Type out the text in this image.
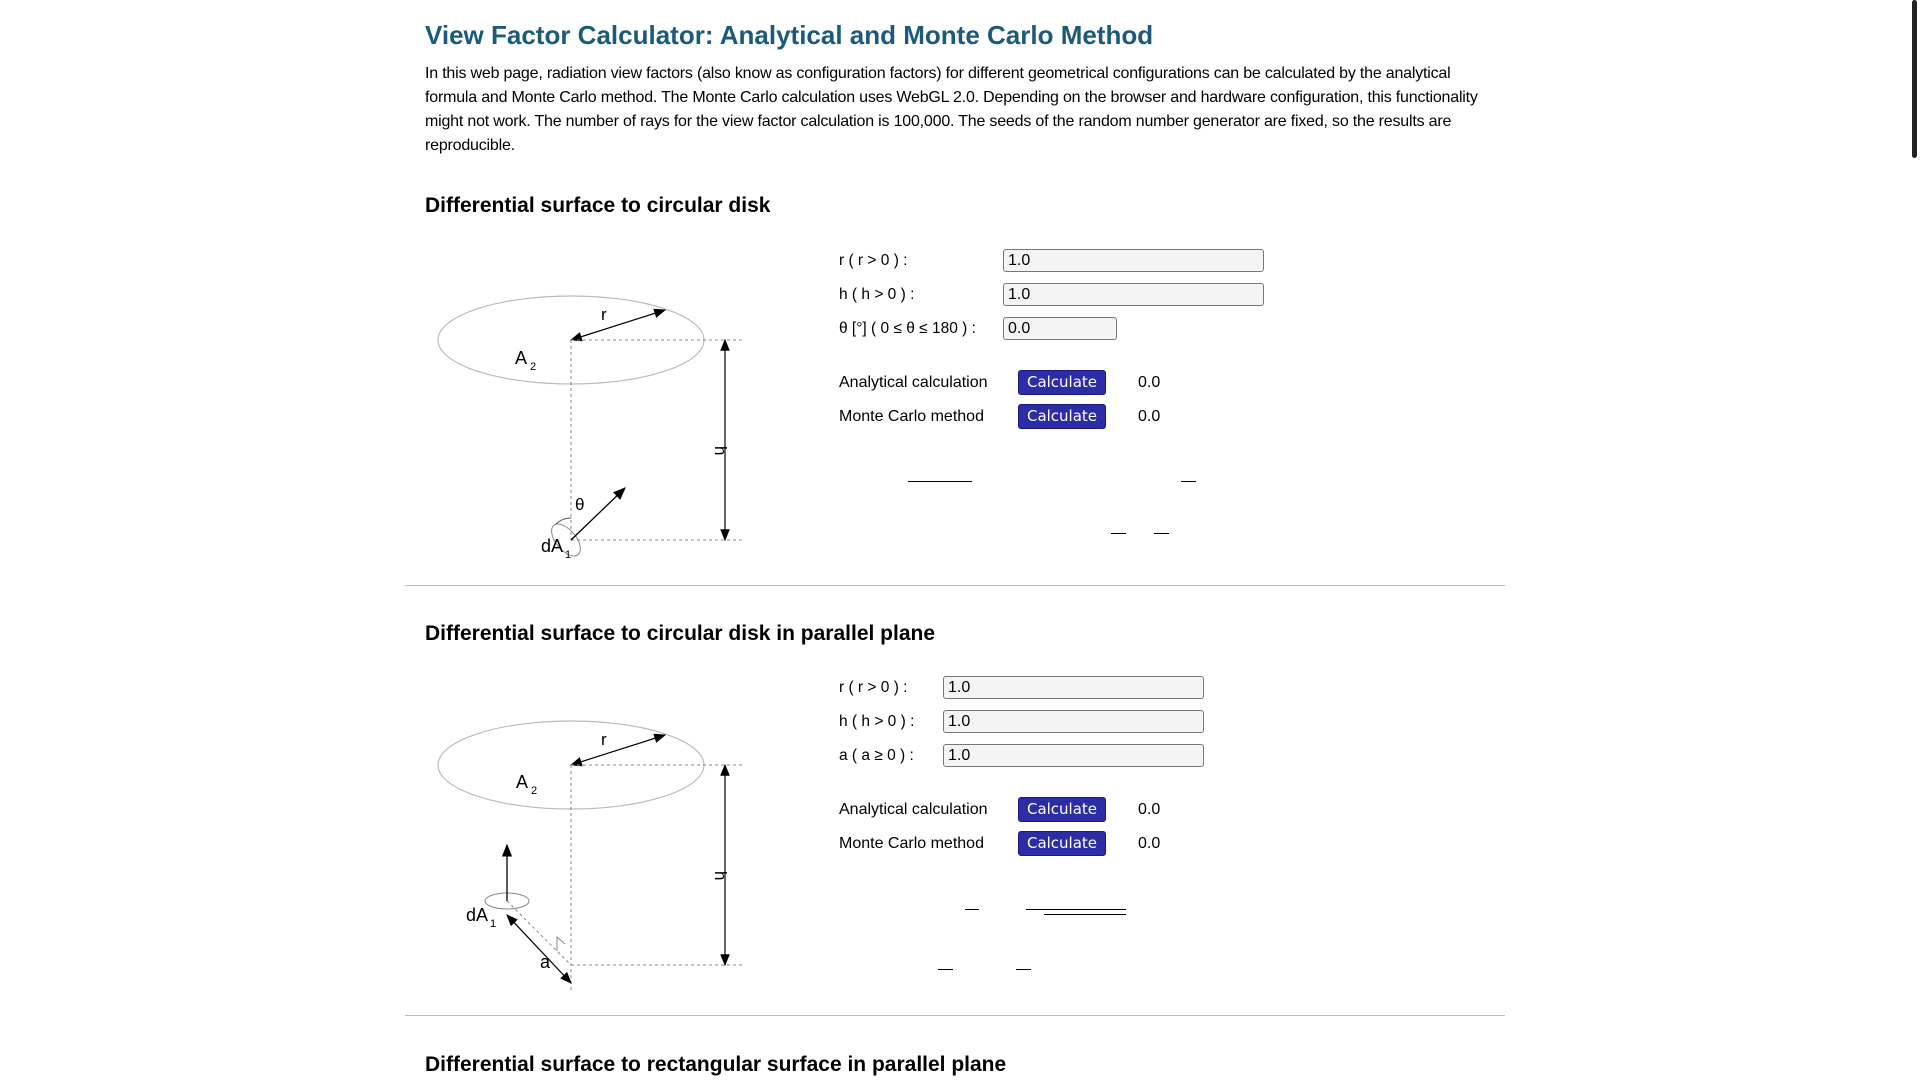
View Factor Calculator: Analytical and Monte Carlo Method

In this web page, radiation view factors (also know as configuration factors) for different geometrical configurations can be calculated by the analytical formula and Monte Carlo method. The Monte Carlo calculation uses WebGL 2.0. Depending on the browser and hardware configuration, this functionality might not work. The number of rays for the view factor calculation is 100,000. The seeds of the random number generator are fixed, so the results are reproducible.

Differential surface to circular disk
r
A 2
h
θ
dA 1
r ( r > 0 ) :
1.0
h ( h > 0 ) :
1.0
θ [°] ( 0 ≤ θ ≤ 180 ) :
0.0
Analytical calculation	Calculate	0.0
Monte Carlo method	Calculate	0.0
Differential surface to circular disk in parallel plane
r
A 2
h
dA 1
a
r ( r > 0 ) :
1.0
h ( h > 0 ) :
1.0
a ( a ≥ 0 ) :
1.0
Analytical calculation	Calculate	0.0
Monte Carlo method	Calculate	0.0
Differential surface to rectangular surface in parallel plane
